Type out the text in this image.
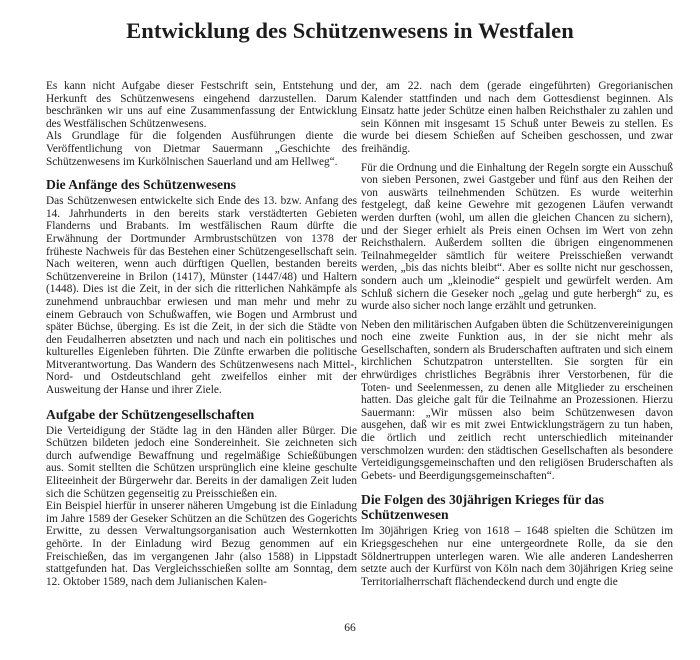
Entwicklung des Schützenwesens in Westfalen

Es kann nicht Aufgabe dieser Festschrift sein, Entstehung und Herkunft des Schützenwesens eingehend darzustellen. Darum beschränken wir uns auf eine Zusammenfassung der Entwicklung des Westfälischen Schützenwesens.

Als Grundlage für die folgenden Ausführungen diente die Veröffentlichung von Dietmar Sauermann „Geschichte des Schützenwesens im Kurkölnischen Sauerland und am Hellweg“.

Die Anfänge des Schützenwesens

Das Schützenwesen entwickelte sich Ende des 13. bzw. Anfang des 14. Jahrhunderts in den bereits stark verstädterten Gebieten Flanderns und Brabants. Im westfälischen Raum dürfte die Erwähnung der Dortmunder Armbrustschützen von 1378 der früheste Nachweis für das Bestehen einer Schützengesellschaft sein. Nach weiteren, wenn auch dürftigen Quellen, bestanden bereits Schützenvereine in Brilon (1417), Münster (1447/48) und Haltern (1448). Dies ist die Zeit, in der sich die ritterlichen Nahkämpfe als zunehmend unbrauchbar erwiesen und man mehr und mehr zu einem Gebrauch von Schußwaffen, wie Bogen und Armbrust und später Büchse, überging. Es ist die Zeit, in der sich die Städte von den Feudalherren absetzten und nach und nach ein politisches und kulturelles Eigenleben führten. Die Zünfte erwarben die politische Mitverantwortung. Das Wandern des Schützenwesens nach Mittel-, Nord- und Ostdeutschland geht zweifellos einher mit der Ausweitung der Hanse und ihrer Ziele.

Aufgabe der Schützengesellschaften

Die Verteidigung der Städte lag in den Händen aller Bürger. Die Schützen bildeten jedoch eine Sondereinheit. Sie zeichneten sich durch aufwendige Bewaffnung und regelmäßige Schießübungen aus. Somit stellten die Schützen ursprünglich eine kleine geschulte Eliteeinheit der Bürgerwehr dar. Bereits in der damaligen Zeit luden sich die Schützen gegenseitig zu Preisschießen ein.

Ein Beispiel hierfür in unserer näheren Umgebung ist die Einladung im Jahre 1589 der Geseker Schützen an die Schützen des Gogerichts Erwitte, zu dessen Verwaltungsorganisation auch Westernkotten gehörte. In der Einladung wird Bezug genommen auf ein Freischießen, das im vergangenen Jahr (also 1588) in Lippstadt stattgefunden hat. Das Vergleichsschießen sollte am Sonntag, dem 12. Oktober 1589, nach dem Julianischen Kalen-

der, am 22. nach dem (gerade eingeführten) Gregorianischen Kalender stattfinden und nach dem Gottesdienst beginnen. Als Einsatz hatte jeder Schütze einen halben Reichsthaler zu zahlen und sein Können mit insgesamt 15 Schuß unter Beweis zu stellen. Es wurde bei diesem Schießen auf Scheiben geschossen, und zwar freihändig.

Für die Ordnung und die Einhaltung der Regeln sorgte ein Ausschuß von sieben Personen, zwei Gastgeber und fünf aus den Reihen der von auswärts teilnehmenden Schützen. Es wurde weiterhin festgelegt, daß keine Gewehre mit gezogenen Läufen verwandt werden durften (wohl, um allen die gleichen Chancen zu sichern), und der Sieger erhielt als Preis einen Ochsen im Wert von zehn Reichsthalern. Außerdem sollten die übrigen eingenommenen Teilnahmegelder sämtlich für weitere Preisschießen verwandt werden, „bis das nichts bleibt“. Aber es sollte nicht nur geschossen, sondern auch um „kleinodie“ gespielt und gewürfelt werden. Am Schluß sichern die Geseker noch „gelag und gute herbergh“ zu, es wurde also sicher noch lange erzählt und getrunken.

Neben den militärischen Aufgaben übten die Schützenvereinigungen noch eine zweite Funktion aus, in der sie nicht mehr als Gesellschaften, sondern als Bruderschaften auftraten und sich einem kirchlichen Schutzpatron unterstellten. Sie sorgten für ein ehrwürdiges christliches Begräbnis ihrer Verstorbenen, für die Toten- und Seelenmessen, zu denen alle Mitglieder zu erscheinen hatten. Das gleiche galt für die Teilnahme an Prozessionen. Hierzu Sauermann: „Wir müssen also beim Schützenwesen davon ausgehen, daß wir es mit zwei Entwicklungsträgern zu tun haben, die örtlich und zeitlich recht unterschiedlich miteinander verschmolzen wurden: den städtischen Gesellschaften als besondere Verteidigungsgemeinschaften und den religiösen Bruderschaften als Gebets- und Beerdigungsgemeinschaften“.

Die Folgen des 30jährigen Krieges für das Schützenwesen

Im 30jährigen Krieg von 1618 – 1648 spielten die Schützen im Kriegsgeschehen nur eine untergeordnete Rolle, da sie den Söldnertruppen unterlegen waren. Wie alle anderen Landesherren setzte auch der Kurfürst von Köln nach dem 30jährigen Krieg seine Territorialherrschaft flächendeckend durch und engte die

66
